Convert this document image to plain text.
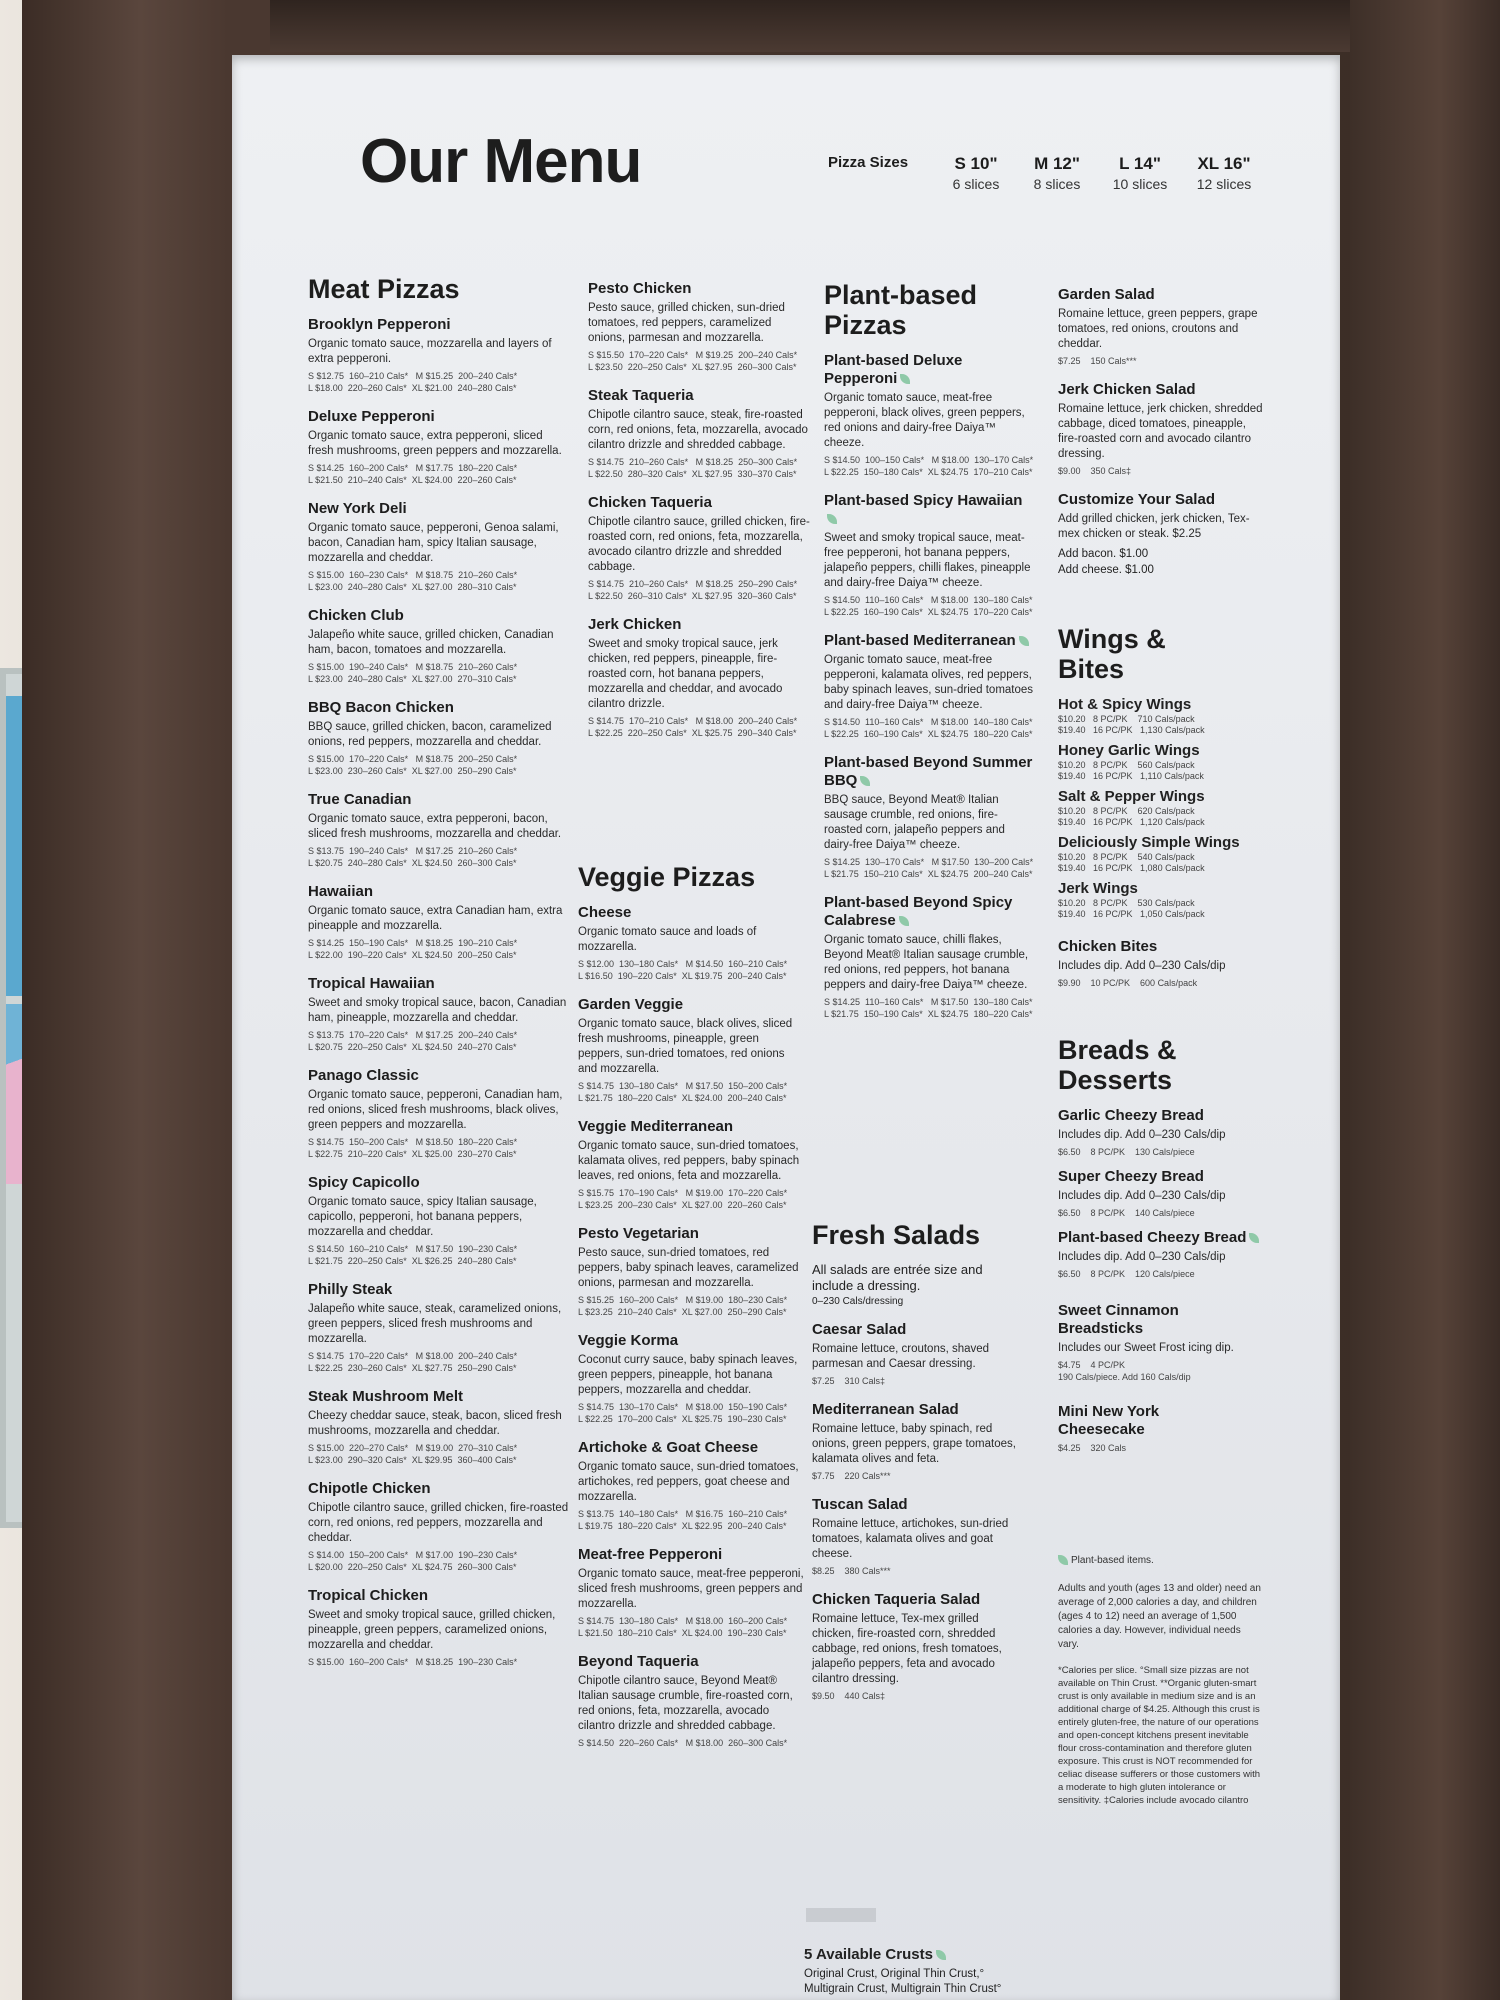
Our Menu	Pizza Sizes	S 10"
6 slices
M 12"
8 slices
L 14"
10 slices
XL 16"
12 slices
Meat Pizzas
Brooklyn Pepperoni
Organic tomato sauce, mozzarella and layers of extra pepperoni.
S $12.75  160–210 Cals*   M $15.25  200–240 Cals*
L $18.00  220–260 Cals*  XL $21.00  240–280 Cals*
Deluxe Pepperoni
Organic tomato sauce, extra pepperoni, sliced fresh mushrooms, green peppers and mozzarella.
S $14.25  160–200 Cals*   M $17.75  180–220 Cals*
L $21.50  210–240 Cals*  XL $24.00  220–260 Cals*
New York Deli
Organic tomato sauce, pepperoni, Genoa salami, bacon, Canadian ham, spicy Italian sausage, mozzarella and cheddar.
S $15.00  160–230 Cals*   M $18.75  210–260 Cals*
L $23.00  240–280 Cals*  XL $27.00  280–310 Cals*
Chicken Club
Jalapeño white sauce, grilled chicken, Canadian ham, bacon, tomatoes and mozzarella.
S $15.00  190–240 Cals*   M $18.75  210–260 Cals*
L $23.00  240–280 Cals*  XL $27.00  270–310 Cals*
BBQ Bacon Chicken
BBQ sauce, grilled chicken, bacon, caramelized onions, red peppers, mozzarella and cheddar.
S $15.00  170–220 Cals*   M $18.75  200–250 Cals*
L $23.00  230–260 Cals*  XL $27.00  250–290 Cals*
True Canadian
Organic tomato sauce, extra pepperoni, bacon, sliced fresh mushrooms, mozzarella and cheddar.
S $13.75  190–240 Cals*   M $17.25  210–260 Cals*
L $20.75  240–280 Cals*  XL $24.50  260–300 Cals*
Hawaiian
Organic tomato sauce, extra Canadian ham, extra pineapple and mozzarella.
S $14.25  150–190 Cals*   M $18.25  190–210 Cals*
L $22.00  190–220 Cals*  XL $24.50  200–250 Cals*
Tropical Hawaiian
Sweet and smoky tropical sauce, bacon, Canadian ham, pineapple, mozzarella and cheddar.
S $13.75  170–220 Cals*   M $17.25  200–240 Cals*
L $20.75  220–250 Cals*  XL $24.50  240–270 Cals*
Panago Classic
Organic tomato sauce, pepperoni, Canadian ham, red onions, sliced fresh mushrooms, black olives, green peppers and mozzarella.
S $14.75  150–200 Cals*   M $18.50  180–220 Cals*
L $22.75  210–220 Cals*  XL $25.00  230–270 Cals*
Spicy Capicollo
Organic tomato sauce, spicy Italian sausage, capicollo, pepperoni, hot banana peppers, mozzarella and cheddar.
S $14.50  160–210 Cals*   M $17.50  190–230 Cals*
L $21.75  220–250 Cals*  XL $26.25  240–280 Cals*
Philly Steak
Jalapeño white sauce, steak, caramelized onions, green peppers, sliced fresh mushrooms and mozzarella.
S $14.75  170–220 Cals*   M $18.00  200–240 Cals*
L $22.25  230–260 Cals*  XL $27.75  250–290 Cals*
Steak Mushroom Melt
Cheezy cheddar sauce, steak, bacon, sliced fresh mushrooms, mozzarella and cheddar.
S $15.00  220–270 Cals*   M $19.00  270–310 Cals*
L $23.00  290–320 Cals*  XL $29.95  360–400 Cals*
Chipotle Chicken
Chipotle cilantro sauce, grilled chicken, fire-roasted corn, red onions, red peppers, mozzarella and cheddar.
S $14.00  150–200 Cals*   M $17.00  190–230 Cals*
L $20.00  220–250 Cals*  XL $24.75  260–300 Cals*
Tropical Chicken
Sweet and smoky tropical sauce, grilled chicken, pineapple, green peppers, caramelized onions, mozzarella and cheddar.
S $15.00  160–200 Cals*   M $18.25  190–230 Cals*
Pesto Chicken
Pesto sauce, grilled chicken, sun-dried tomatoes, red peppers, caramelized onions, parmesan and mozzarella.
S $15.50  170–220 Cals*   M $19.25  200–240 Cals*
L $23.50  220–250 Cals*  XL $27.95  260–300 Cals*
Steak Taqueria
Chipotle cilantro sauce, steak, fire-roasted corn, red onions, feta, mozzarella, avocado cilantro drizzle and shredded cabbage.
S $14.75  210–260 Cals*   M $18.25  250–300 Cals*
L $22.50  280–320 Cals*  XL $27.95  330–370 Cals*
Chicken Taqueria
Chipotle cilantro sauce, grilled chicken, fire-roasted corn, red onions, feta, mozzarella, avocado cilantro drizzle and shredded cabbage.
S $14.75  210–260 Cals*   M $18.25  250–290 Cals*
L $22.50  260–310 Cals*  XL $27.95  320–360 Cals*
Jerk Chicken
Sweet and smoky tropical sauce, jerk chicken, red peppers, pineapple, fire-roasted corn, hot banana peppers, mozzarella and cheddar, and avocado cilantro drizzle.
S $14.75  170–210 Cals*   M $18.00  200–240 Cals*
L $22.25  220–250 Cals*  XL $25.75  290–340 Cals*
Veggie Pizzas
Cheese
Organic tomato sauce and loads of mozzarella.
S $12.00  130–180 Cals*   M $14.50  160–210 Cals*
L $16.50  190–220 Cals*  XL $19.75  200–240 Cals*
Garden Veggie
Organic tomato sauce, black olives, sliced fresh mushrooms, pineapple, green peppers, sun-dried tomatoes, red onions and mozzarella.
S $14.75  130–180 Cals*   M $17.50  150–200 Cals*
L $21.75  180–220 Cals*  XL $24.00  200–240 Cals*
Veggie Mediterranean
Organic tomato sauce, sun-dried tomatoes, kalamata olives, red peppers, baby spinach leaves, red onions, feta and mozzarella.
S $15.75  170–190 Cals*   M $19.00  170–220 Cals*
L $23.25  200–230 Cals*  XL $27.00  220–260 Cals*
Pesto Vegetarian
Pesto sauce, sun-dried tomatoes, red peppers, baby spinach leaves, caramelized onions, parmesan and mozzarella.
S $15.25  160–200 Cals*   M $19.00  180–230 Cals*
L $23.25  210–240 Cals*  XL $27.00  250–290 Cals*
Veggie Korma
Coconut curry sauce, baby spinach leaves, green peppers, pineapple, hot banana peppers, mozzarella and cheddar.
S $14.75  130–170 Cals*   M $18.00  150–190 Cals*
L $22.25  170–200 Cals*  XL $25.75  190–230 Cals*
Artichoke & Goat Cheese
Organic tomato sauce, sun-dried tomatoes, artichokes, red peppers, goat cheese and mozzarella.
S $13.75  140–180 Cals*   M $16.75  160–210 Cals*
L $19.75  180–220 Cals*  XL $22.95  200–240 Cals*
Meat-free Pepperoni
Organic tomato sauce, meat-free pepperoni, sliced fresh mushrooms, green peppers and mozzarella.
S $14.75  130–180 Cals*   M $18.00  160–200 Cals*
L $21.50  180–210 Cals*  XL $24.00  190–230 Cals*
Beyond Taqueria
Chipotle cilantro sauce, Beyond Meat® Italian sausage crumble, fire-roasted corn, red onions, feta, mozzarella, avocado cilantro drizzle and shredded cabbage.
S $14.50  220–260 Cals*   M $18.00  260–300 Cals*
Plant-based Pizzas
Plant-based Deluxe Pepperoni
Organic tomato sauce, meat-free pepperoni, black olives, green peppers, red onions and dairy-free Daiya™ cheeze.
S $14.50  100–150 Cals*   M $18.00  130–170 Cals*
L $22.25  150–180 Cals*  XL $24.75  170–210 Cals*
Plant-based Spicy Hawaiian
Sweet and smoky tropical sauce, meat-free pepperoni, hot banana peppers, jalapeño peppers, chilli flakes, pineapple and dairy-free Daiya™ cheeze.
S $14.50  110–160 Cals*   M $18.00  130–180 Cals*
L $22.25  160–190 Cals*  XL $24.75  170–220 Cals*
Plant-based Mediterranean
Organic tomato sauce, meat-free pepperoni, kalamata olives, red peppers, baby spinach leaves, sun-dried tomatoes and dairy-free Daiya™ cheeze.
S $14.50  110–160 Cals*   M $18.00  140–180 Cals*
L $22.25  160–190 Cals*  XL $24.75  180–220 Cals*
Plant-based Beyond Summer BBQ
BBQ sauce, Beyond Meat® Italian sausage crumble, red onions, fire-roasted corn, jalapeño peppers and dairy-free Daiya™ cheeze.
S $14.25  130–170 Cals*   M $17.50  130–200 Cals*
L $21.75  150–210 Cals*  XL $24.75  200–240 Cals*
Plant-based Beyond Spicy Calabrese
Organic tomato sauce, chilli flakes, Beyond Meat® Italian sausage crumble, red onions, red peppers, hot banana peppers and dairy-free Daiya™ cheeze.
S $14.25  110–160 Cals*   M $17.50  130–180 Cals*
L $21.75  150–190 Cals*  XL $24.75  180–220 Cals*
Fresh Salads
All salads are entrée size and include a dressing.
0–230 Cals/dressing
Caesar Salad
Romaine lettuce, croutons, shaved parmesan and Caesar dressing.
$7.25    310 Cals‡
Mediterranean Salad
Romaine lettuce, baby spinach, red onions, green peppers, grape tomatoes, kalamata olives and feta.
$7.75    220 Cals***
Tuscan Salad
Romaine lettuce, artichokes, sun-dried tomatoes, kalamata olives and goat cheese.
$8.25    380 Cals***
Chicken Taqueria Salad
Romaine lettuce, Tex-mex grilled chicken, fire-roasted corn, shredded cabbage, red onions, fresh tomatoes, jalapeño peppers, feta and avocado cilantro dressing.
$9.50    440 Cals‡
5 Available Crusts
Original Crust, Original Thin Crust,° Multigrain Crust, Multigrain Thin Crust°
Garden Salad
Romaine lettuce, green peppers, grape tomatoes, red onions, croutons and cheddar.
$7.25    150 Cals***
Jerk Chicken Salad
Romaine lettuce, jerk chicken, shredded cabbage, diced tomatoes, pineapple, fire-roasted corn and avocado cilantro dressing.
$9.00    350 Cals‡
Customize Your Salad
Add grilled chicken, jerk chicken, Tex-mex chicken or steak. $2.25
Add bacon. $1.00
Add cheese. $1.00
Wings & Bites
Hot & Spicy Wings
$10.20   8 PC/PK    710 Cals/pack
$19.40   16 PC/PK   1,130 Cals/pack
Honey Garlic Wings
$10.20   8 PC/PK    560 Cals/pack
$19.40   16 PC/PK   1,110 Cals/pack
Salt & Pepper Wings
$10.20   8 PC/PK    620 Cals/pack
$19.40   16 PC/PK   1,120 Cals/pack
Deliciously Simple Wings
$10.20   8 PC/PK    540 Cals/pack
$19.40   16 PC/PK   1,080 Cals/pack
Jerk Wings
$10.20   8 PC/PK    530 Cals/pack
$19.40   16 PC/PK   1,050 Cals/pack
Chicken Bites
Includes dip. Add 0–230 Cals/dip
$9.90    10 PC/PK    600 Cals/pack
Breads & Desserts
Garlic Cheezy Bread
Includes dip. Add 0–230 Cals/dip
$6.50    8 PC/PK    130 Cals/piece
Super Cheezy Bread
Includes dip. Add 0–230 Cals/dip
$6.50    8 PC/PK    140 Cals/piece
Plant-based Cheezy Bread
Includes dip. Add 0–230 Cals/dip
$6.50    8 PC/PK    120 Cals/piece
Sweet Cinnamon Breadsticks
Includes our Sweet Frost icing dip.
$4.75    4 PC/PK
190 Cals/piece. Add 160 Cals/dip
Mini New York Cheesecake
$4.25    320 Cals
Plant-based items.
Adults and youth (ages 13 and older) need an average of 2,000 calories a day, and children (ages 4 to 12) need an average of 1,500 calories a day. However, individual needs vary.
*Calories per slice. °Small size pizzas are not available on Thin Crust. **Organic gluten-smart crust is only available in medium size and is an additional charge of $4.25. Although this crust is entirely gluten-free, the nature of our operations and open-concept kitchens present inevitable flour cross-contamination and therefore gluten exposure. This crust is NOT recommended for celiac disease sufferers or those customers with a moderate to high gluten intolerance or sensitivity. ‡Calories include avocado cilantro
